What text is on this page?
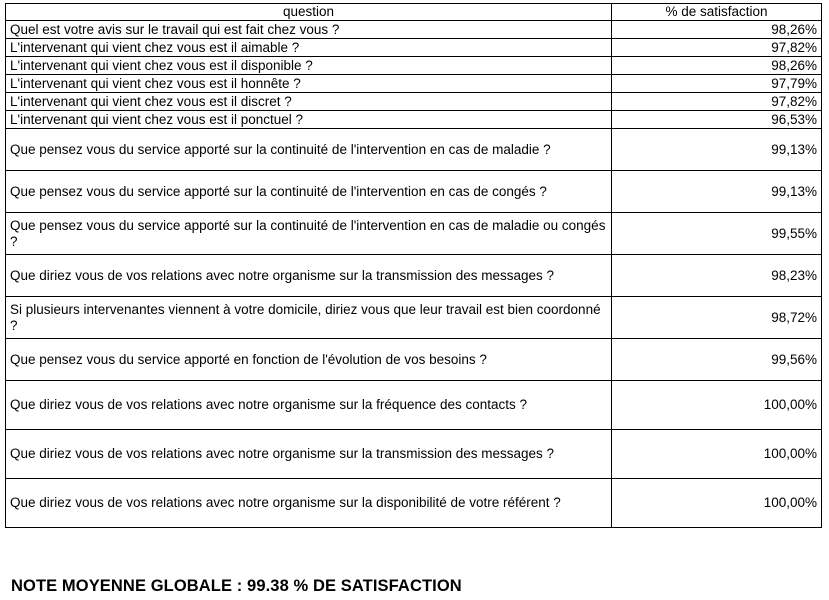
question	% de satisfaction
Quel est votre avis sur le travail qui est fait chez vous ?	98,26%
L'intervenant qui vient chez vous est il aimable ?	97,82%
L'intervenant qui vient chez vous est il disponible ?	98,26%
L'intervenant qui vient chez vous est il honnête ?	97,79%
L'intervenant qui vient chez vous est il discret ?	97,82%
L'intervenant qui vient chez vous est il ponctuel ?	96,53%
Que pensez vous du service apporté sur la continuité de l'intervention en cas de maladie ?	99,13%
Que pensez vous du service apporté sur la continuité de l'intervention en cas de congés ?	99,13%
Que pensez vous du service apporté sur la continuité de l'intervention en cas de maladie ou congés ?	99,55%
Que diriez vous de vos relations avec notre organisme sur la transmission des messages ?	98,23%
Si plusieurs intervenantes viennent à votre domicile, diriez vous que leur travail est bien coordonné ?	98,72%
Que pensez vous du service apporté en fonction de l'évolution de vos besoins ?	99,56%
Que diriez vous de vos relations avec notre organisme sur la fréquence des contacts ?	100,00%
Que diriez vous de vos relations avec notre organisme sur la transmission des messages ?	100,00%
Que diriez vous de vos relations avec notre organisme sur la disponibilité de votre référent ?	100,00%

NOTE MOYENNE GLOBALE : 99.38 % DE SATISFACTION
